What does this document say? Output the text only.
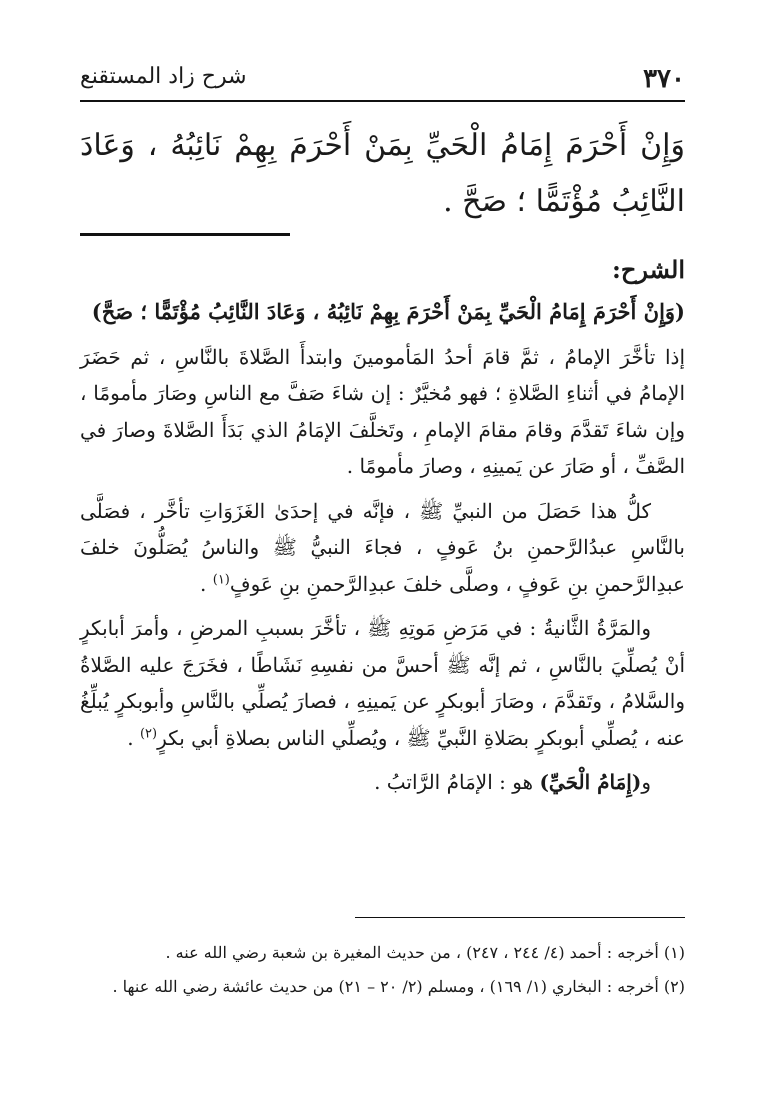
٣٧٠
شرح زاد المستقنع

وَإِنْ أَحْرَمَ إِمَامُ الْحَيِّ بِمَنْ أَحْرَمَ بِهِمْ نَائِبُهُ ، وَعَادَ النَّائِبُ مُؤْتَمًّا ؛ صَحَّ .

الشرح:

(وَإِنْ أَحْرَمَ إِمَامُ الْحَيِّ بِمَنْ أَحْرَمَ بِهِمْ نَائِبُهُ ، وَعَادَ النَّائِبُ مُؤْتَمًّا ؛ صَحَّ)

إذا تأخَّرَ الإمامُ ، ثمَّ قامَ أحدُ المَأمومينَ وابتدأَ الصَّلاةَ بالنَّاسِ ، ثم حَضَرَ الإمامُ في أثناءِ الصَّلاةِ ؛ فهو مُخيَّرٌ : إن شاءَ صَفَّ مع الناسِ وصَارَ مأمومًا ، وإن شاءَ تَقدَّمَ وقامَ مقامَ الإمامِ ، وتَخلَّفَ الإمَامُ الذي بَدَأَ الصَّلاةَ وصارَ في الصَّفِّ ، أو صَارَ عن يَمينِهِ ، وصارَ مأمومًا .

كلُّ هذا حَصَلَ من النبيِّ ﷺ ، فإنَّه في إحدَىٰ الغَزَوَاتِ تأخَّر ، فصَلَّى بالنَّاسِ عبدُالرَّحمنِ بنُ عَوفٍ ، فجاءَ النبيُّ ﷺ والناسُ يُصَلُّونَ خلفَ عبدِالرَّحمنِ بنِ عَوفٍ ، وصلَّى خلفَ عبدِالرَّحمنِ بنِ عَوفٍ$^{(١)}$ .

والمَرَّةُ الثَّانيةُ : في مَرَضِ مَوتِهِ ﷺ ، تأخَّرَ بسببِ المرضِ ، وأمرَ أبابكرٍ أنْ يُصلِّيَ بالنَّاسِ ، ثم إنَّه ﷺ أحسَّ من نفسِهِ نَشَاطًا ، فخَرَجَ عليه الصَّلاةُ والسَّلامُ ، وتَقدَّمَ ، وصَارَ أبوبكرٍ عن يَمينِهِ ، فصارَ يُصلِّي بالنَّاسِ وأبوبكرٍ يُبلِّغُ عنه ، يُصلِّي أبوبكرٍ بصَلاةِ النَّبيِّ ﷺ ، ويُصلِّي الناس بصلاةِ أبي بكرٍ$^{(٢)}$ .

و(إِمَامُ الْحَيِّ) هو : الإمَامُ الرَّاتبُ .

(١) أخرجه : أحمد (٤/ ٢٤٤ ، ٢٤٧) ، من حديث المغيرة بن شعبة رضي الله عنه .

(٢) أخرجه : البخاري (١/ ١٦٩) ، ومسلم (٢/ ٢٠ – ٢١) من حديث عائشة رضي الله عنها .
